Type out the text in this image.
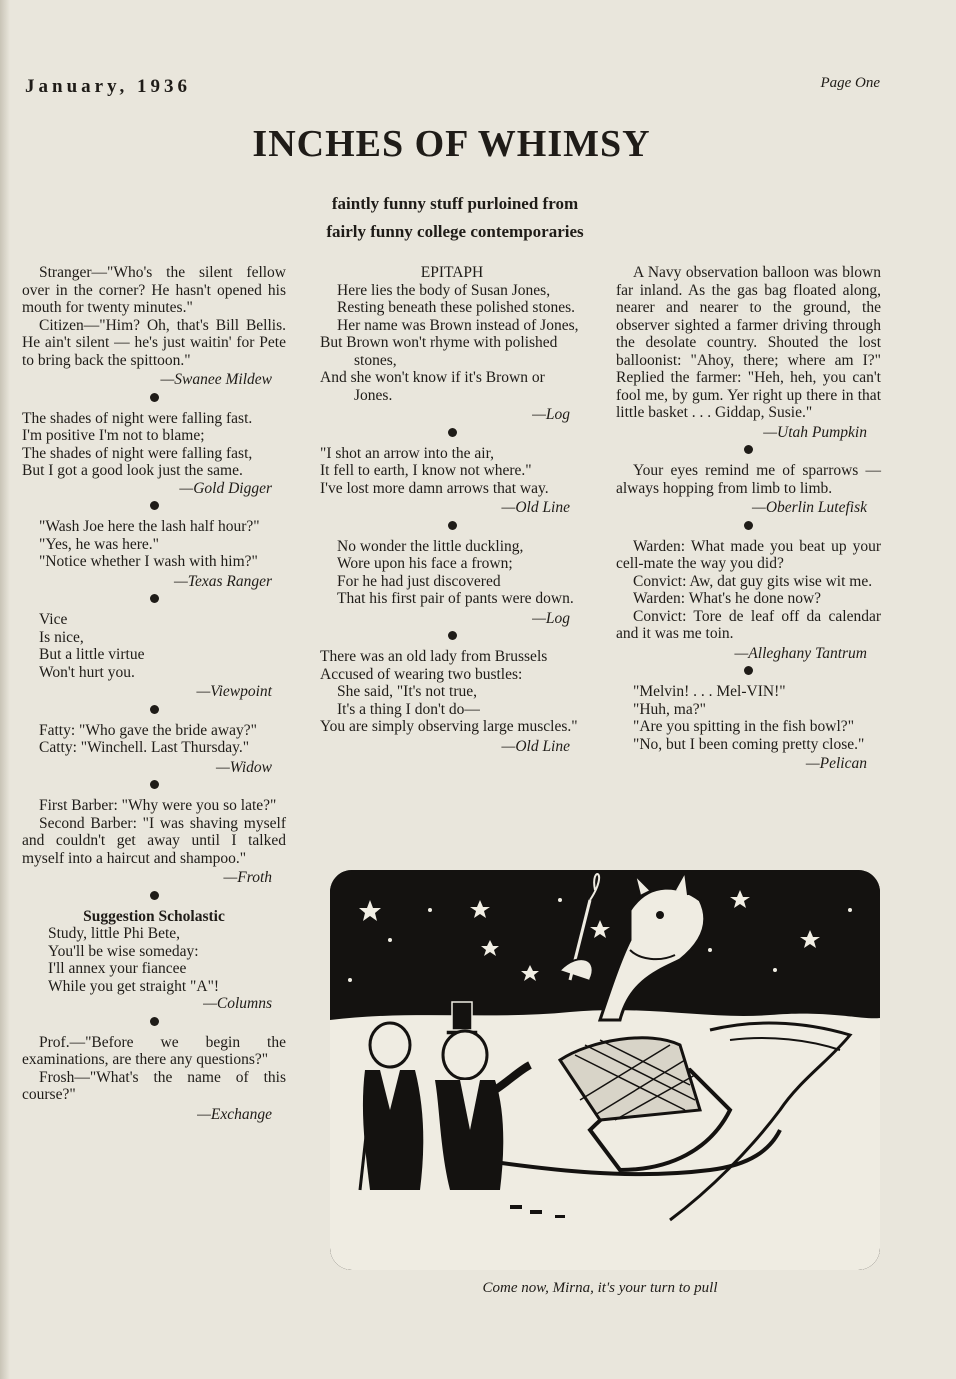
January, 1936	Page One
INCHES OF WHIMSY
faintly funny stuff purloined from
fairly funny college contemporaries

Stranger—"Who's the silent fellow over in the corner? He hasn't opened his mouth for twenty minutes."

Citizen—"Him? Oh, that's Bill Bellis. He ain't silent — he's just waitin' for Pete to bring back the spittoon."

—Swanee Mildew

The shades of night were falling fast.

I'm positive I'm not to blame;

The shades of night were falling fast,

But I got a good look just the same.

—Gold Digger

"Wash Joe here the lash half hour?"

"Yes, he was here."

"Notice whether I wash with him?"

—Texas Ranger

Vice

Is nice,

But a little virtue

Won't hurt you.

—Viewpoint

Fatty: "Who gave the bride away?"

Catty: "Winchell. Last Thursday."

—Widow

First Barber: "Why were you so late?"

Second Barber: "I was shaving myself and couldn't get away until I talked myself into a haircut and shampoo."

—Froth

Suggestion Scholastic

Study, little Phi Bete,

You'll be wise someday:

I'll annex your fiancee

While you get straight "A"!

—Columns

Prof.—"Before we begin the examinations, are there any questions?"

Frosh—"What's the name of this course?"

—Exchange

EPITAPH

Here lies the body of Susan Jones,

Resting beneath these polished stones.

Her name was Brown instead of Jones,

But Brown won't rhyme with polished stones,

And she won't know if it's Brown or Jones.

—Log

"I shot an arrow into the air,

It fell to earth, I know not where."

I've lost more damn arrows that way.

—Old Line

No wonder the little duckling,

Wore upon his face a frown;

For he had just discovered

That his first pair of pants were down.

—Log

There was an old lady from Brussels

Accused of wearing two bustles:

She said, "It's not true,

It's a thing I don't do—

You are simply observing large muscles."

—Old Line

A Navy observation balloon was blown far inland. As the gas bag floated along, nearer and nearer to the ground, the observer sighted a farmer driving through the desolate country. Shouted the lost balloonist: "Ahoy, there; where am I?" Replied the farmer: "Heh, heh, you can't fool me, by gum. Yer right up there in that little basket . . . Giddap, Susie."

—Utah Pumpkin

Your eyes remind me of sparrows —always hopping from limb to limb.

—Oberlin Lutefisk

Warden: What made you beat up your cell-mate the way you did?

Convict: Aw, dat guy gits wise wit me.

Warden: What's he done now?

Convict: Tore de leaf off da calendar and it was me toin.

—Alleghany Tantrum

"Melvin! . . . Mel-VIN!"

"Huh, ma?"

"Are you spitting in the fish bowl?"

"No, but I been coming pretty close."

—Pelican
Come now, Mirna, it's your turn to pull
